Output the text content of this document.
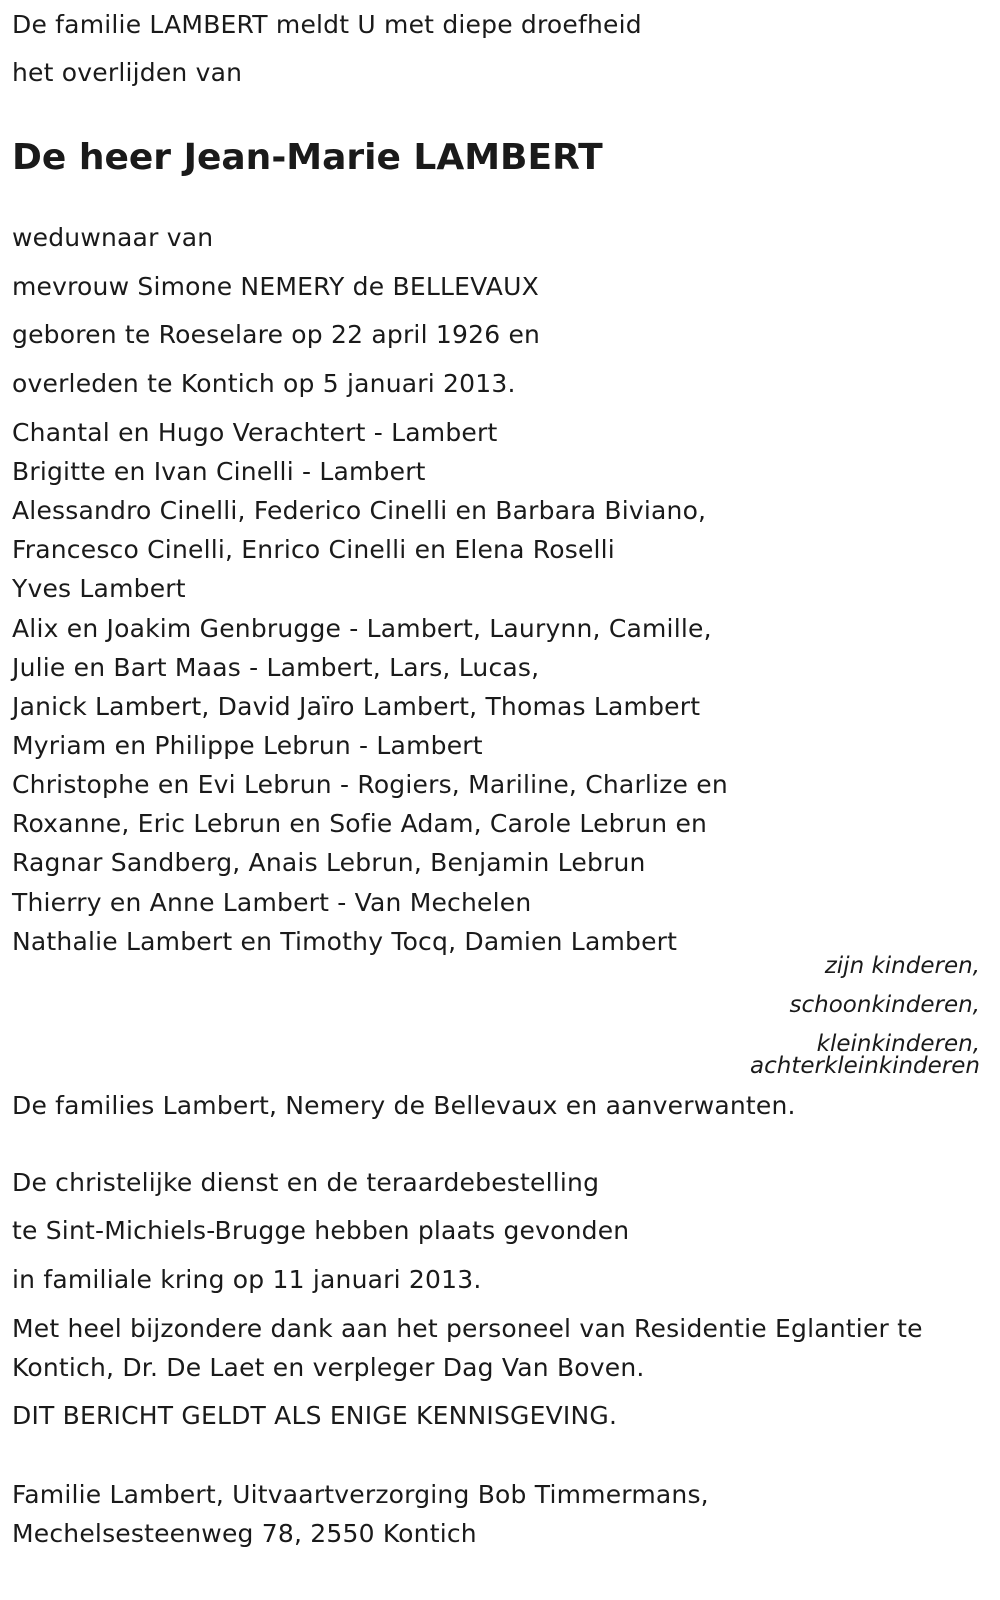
De familie LAMBERT meldt U met diepe droefheid
het overlijden van
De heer Jean-Marie LAMBERT
weduwnaar van
mevrouw Simone NEMERY de BELLEVAUX
geboren te Roeselare op 22 april 1926 en
overleden te Kontich op 5 januari 2013.
Chantal en Hugo Verachtert - Lambert
Brigitte en Ivan Cinelli - Lambert
Alessandro Cinelli, Federico Cinelli en Barbara Biviano,
Francesco Cinelli, Enrico Cinelli en Elena Roselli
Yves Lambert
Alix en Joakim Genbrugge - Lambert, Laurynn, Camille,
Julie en Bart Maas - Lambert, Lars, Lucas,
Janick Lambert, David Jaïro Lambert, Thomas Lambert
Myriam en Philippe Lebrun - Lambert
Christophe en Evi Lebrun - Rogiers, Mariline, Charlize en
Roxanne, Eric Lebrun en Sofie Adam, Carole Lebrun en
Ragnar Sandberg, Anais Lebrun, Benjamin Lebrun
Thierry en Anne Lambert - Van Mechelen
Nathalie Lambert en Timothy Tocq, Damien Lambert
zijn kinderen,
schoonkinderen,
kleinkinderen,
achterkleinkinderen
De families Lambert, Nemery de Bellevaux en aanverwanten.
De christelijke dienst en de teraardebestelling
te Sint-Michiels-Brugge hebben plaats gevonden
in familiale kring op 11 januari 2013.
Met heel bijzondere dank aan het personeel van Residentie Eglantier te
Kontich, Dr. De Laet en verpleger Dag Van Boven.
DIT BERICHT GELDT ALS ENIGE KENNISGEVING.
Familie Lambert, Uitvaartverzorging Bob Timmermans,
Mechelsesteenweg 78, 2550 Kontich
